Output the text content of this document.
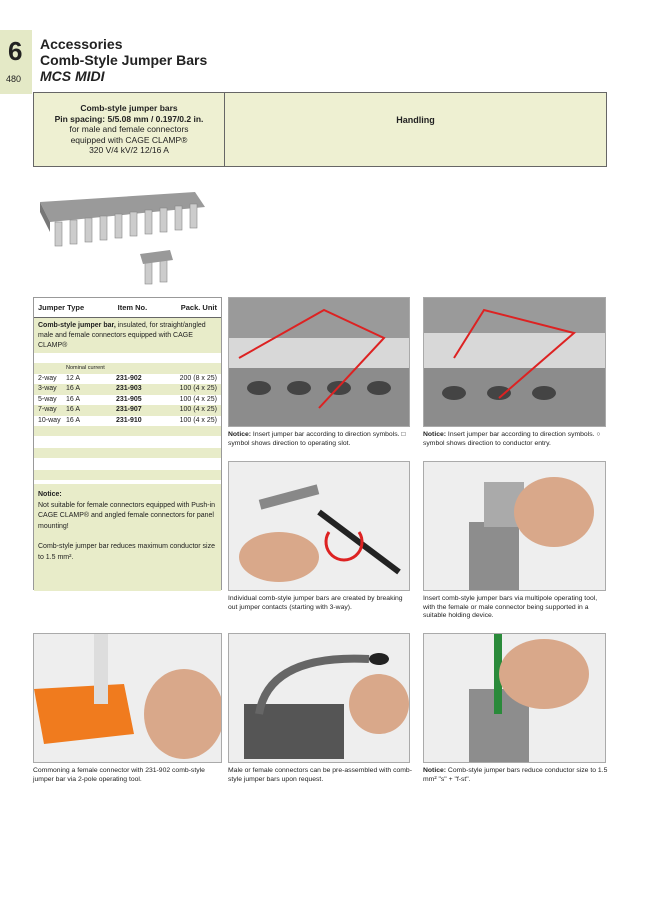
6
480
Accessories
Comb-Style Jumper Bars
MCS MIDI
Comb-style jumper bars
Pin spacing: 5/5.08 mm / 0.197/0.2 in.
for male and female connectors
equipped with CAGE CLAMP®
320 V/4 kV/2 12/16 A
Handling
Jumper Type	Item No.	Pack. Unit
Comb-style jumper bar, insulated, for straight/angled male and female connectors equipped with CAGE CLAMP®
Nominal current
2-way	12 A	231-902	200 (8 x 25)
3-way	16 A	231-903	100 (4 x 25)
5-way	16 A	231-905	100 (4 x 25)
7-way	16 A	231-907	100 (4 x 25)
10-way 16 A	231-910	100 (4 x 25)
Notice:
Not suitable for female connectors equipped with Push-in CAGE CLAMP® and angled female connectors for panel mounting!
Comb-style jumper bar reduces maximum conductor size to 1.5 mm².
Notice: Insert jumper bar according to direction symbols. □ symbol shows direction to operating slot.
Notice: Insert jumper bar according to direction symbols. ○ symbol shows direction to conductor entry.
Individual comb-style jumper bars are created by breaking out jumper contacts (starting with 3-way).
Insert comb-style jumper bars via multipole operating tool, with the female or male connector being supported in a suitable holding device.
Commoning a female connector with 231-902 comb-style jumper bar via 2-pole operating tool.
Male or female connectors can be pre-assembled with comb-style jumper bars upon request.
Notice: Comb-style jumper bars reduce conductor size to 1.5 mm² "s" + "f-st".
